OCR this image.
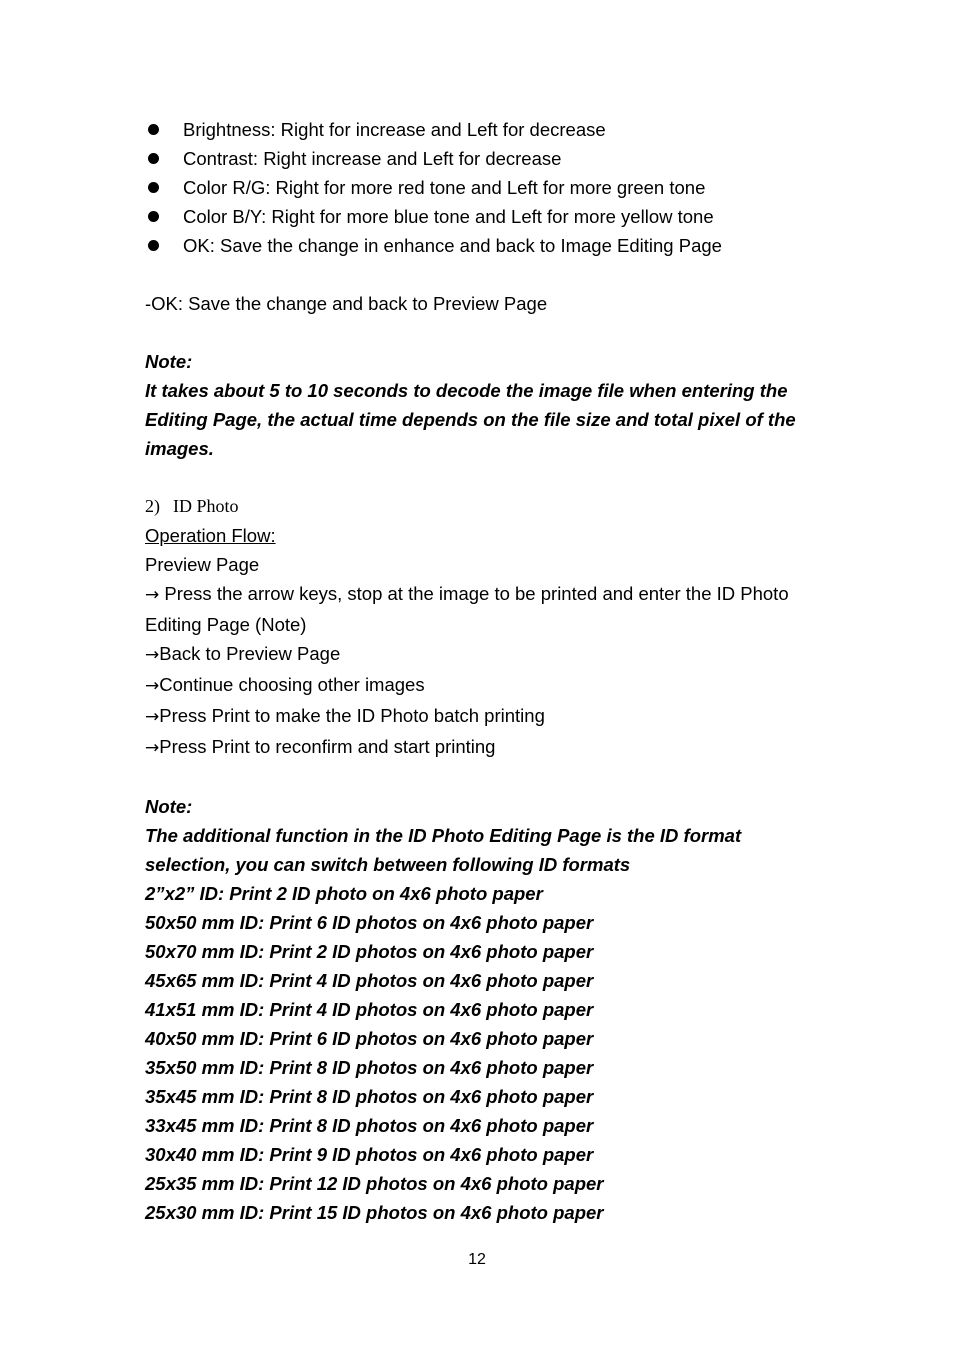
Brightness: Right for increase and Left for decrease
Contrast: Right increase and Left for decrease
Color R/G: Right for more red tone and Left for more green tone
Color B/Y: Right for more blue tone and Left for more yellow tone
OK: Save the change in enhance and back to Image Editing Page
-OK: Save the change and back to Preview Page
Note:
It takes about 5 to 10 seconds to decode the image file when entering the Editing Page, the actual time depends on the file size and total pixel of the images.
2) ID Photo
Operation Flow:
Preview Page
→ Press the arrow keys, stop at the image to be printed and enter the ID Photo Editing Page (Note)
→Back to Preview Page
→Continue choosing other images
→Press Print to make the ID Photo batch printing
→Press Print to reconfirm and start printing
Note:
The additional function in the ID Photo Editing Page is the ID format selection, you can switch between following ID formats
2”x2” ID: Print 2 ID photo on 4x6 photo paper
50x50 mm ID: Print 6 ID photos on 4x6 photo paper
50x70 mm ID: Print 2 ID photos on 4x6 photo paper
45x65 mm ID: Print 4 ID photos on 4x6 photo paper
41x51 mm ID: Print 4 ID photos on 4x6 photo paper
40x50 mm ID: Print 6 ID photos on 4x6 photo paper
35x50 mm ID: Print 8 ID photos on 4x6 photo paper
35x45 mm ID: Print 8 ID photos on 4x6 photo paper
33x45 mm ID: Print 8 ID photos on 4x6 photo paper
30x40 mm ID: Print 9 ID photos on 4x6 photo paper
25x35 mm ID: Print 12 ID photos on 4x6 photo paper
25x30 mm ID: Print 15 ID photos on 4x6 photo paper
12
